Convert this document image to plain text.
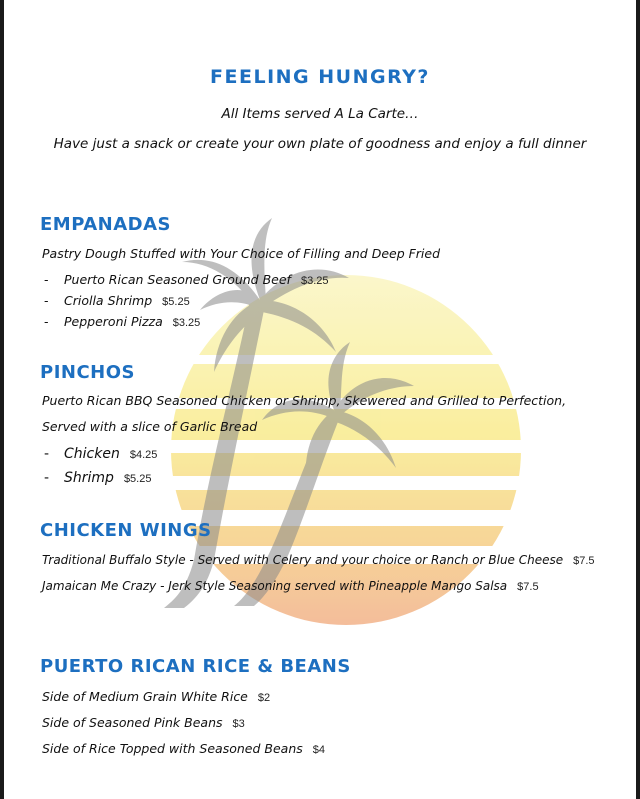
FEELING HUNGRY?
All Items served A La Carte…
Have just a snack or create your own plate of goodness and enjoy a full dinner
EMPANADAS
Pastry Dough Stuffed with Your Choice of Filling and Deep Fried
- Puerto Rican Seasoned Ground Beef $3.25
- Criolla Shrimp $5.25
- Pepperoni Pizza $3.25
PINCHOS
Puerto Rican BBQ Seasoned Chicken or Shrimp, Skewered and Grilled to Perfection, Served with a slice of Garlic Bread
- Chicken $4.25
- Shrimp $5.25
CHICKEN WINGS
Traditional Buffalo Style - Served with Celery and your choice or Ranch or Blue Cheese $7.5
Jamaican Me Crazy - Jerk Style Seasoning served with Pineapple Mango Salsa $7.5
PUERTO RICAN RICE & BEANS
Side of Medium Grain White Rice $2
Side of Seasoned Pink Beans $3
Side of Rice Topped with Seasoned Beans $4
